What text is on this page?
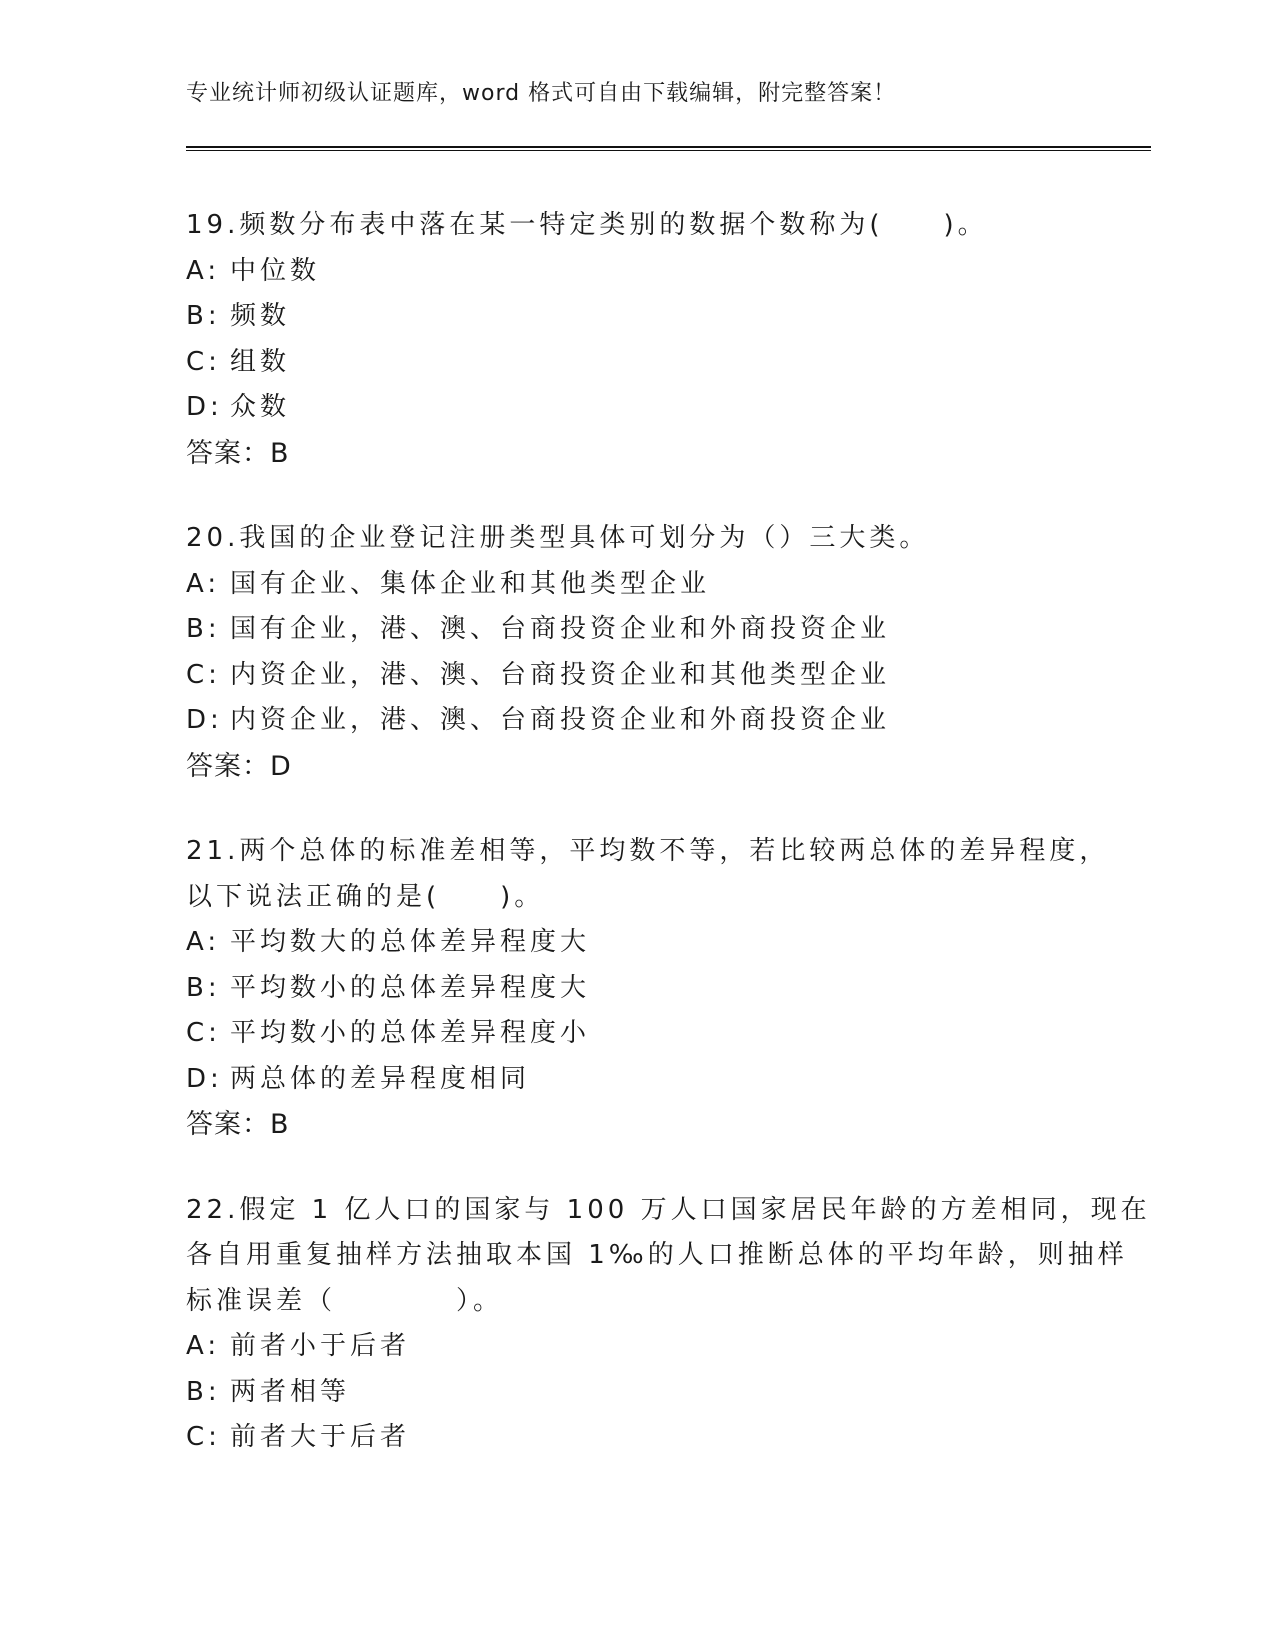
专业统计师初级认证题库，word 格式可自由下载编辑，附完整答案！
19.频数分布表中落在某一特定类别的数据个数称为(　　)。
A: 中位数
B: 频数
C: 组数
D: 众数
答案：B
20.我国的企业登记注册类型具体可划分为（）三大类。
A: 国有企业、集体企业和其他类型企业
B: 国有企业，港、澳、台商投资企业和外商投资企业
C: 内资企业，港、澳、台商投资企业和其他类型企业
D: 内资企业，港、澳、台商投资企业和外商投资企业
答案：D
21.两个总体的标准差相等，平均数不等，若比较两总体的差异程度，
以下说法正确的是(　　)。
A: 平均数大的总体差异程度大
B: 平均数小的总体差异程度大
C: 平均数小的总体差异程度小
D: 两总体的差异程度相同
答案：B
22.假定 1 亿人口的国家与 100 万人口国家居民年龄的方差相同，现在
各自用重复抽样方法抽取本国 1‰的人口推断总体的平均年龄，则抽样
标准误差（　　　　）。
A: 前者小于后者
B: 两者相等
C: 前者大于后者
